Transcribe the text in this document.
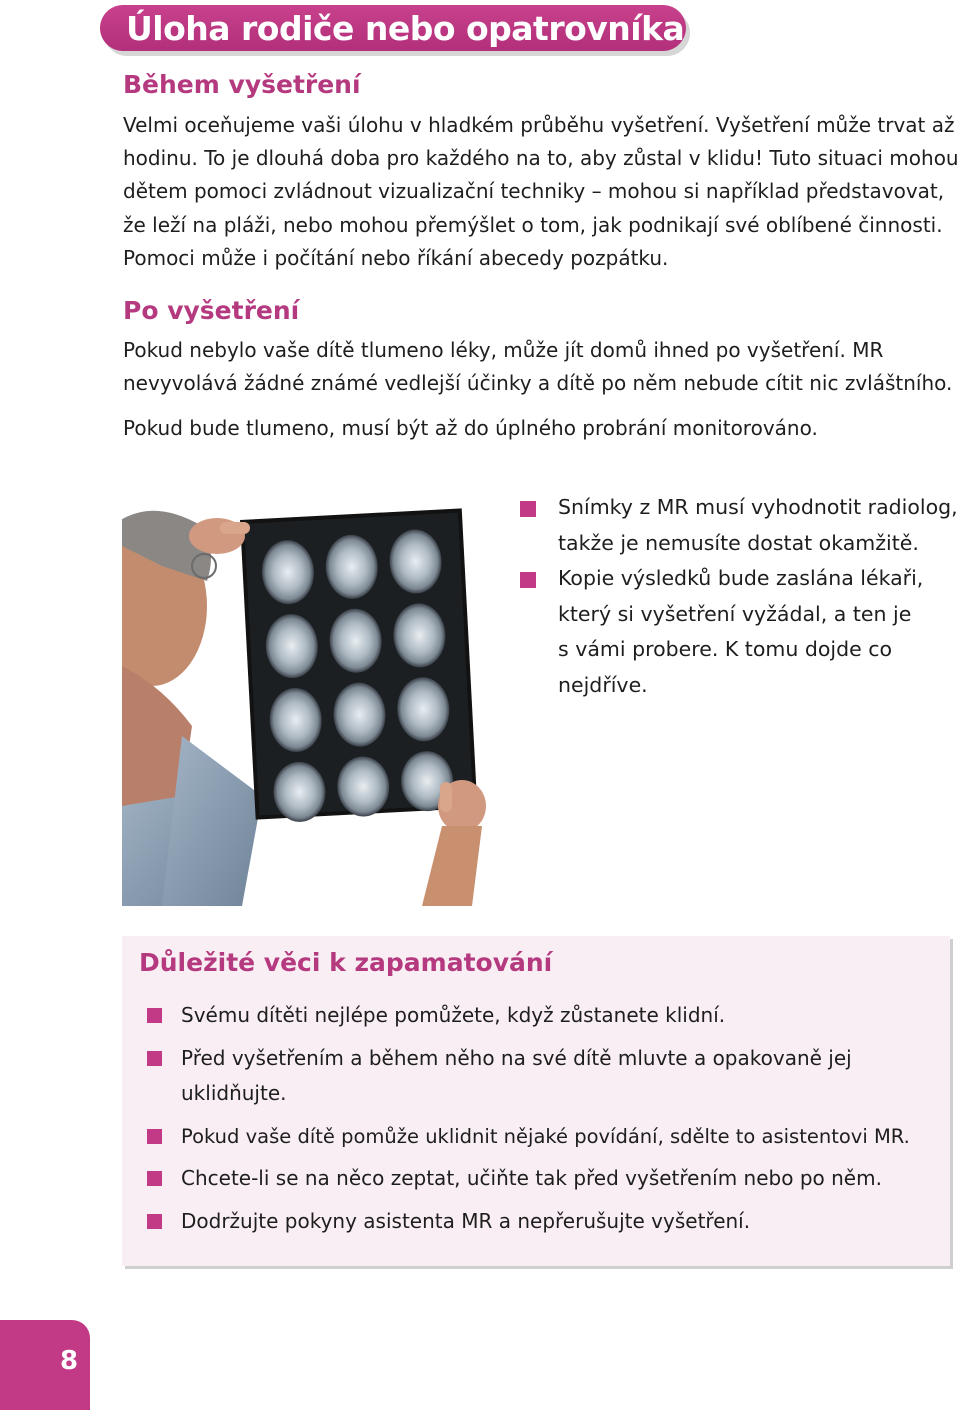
Úloha rodiče nebo opatrovníka
Během vyšetření

Velmi oceňujeme vaši úlohu v hladkém průběhu vyšetření. Vyšetření může trvat až
hodinu. To je dlouhá doba pro každého na to, aby zůstal v klidu! Tuto situaci mohou
dětem pomoci zvládnout vizualizační techniky – mohou si například představovat,
že leží na pláži, nebo mohou přemýšlet o tom, jak podnikají své oblíbené činnosti.
Pomoci může i počítání nebo říkání abecedy pozpátku.

Po vyšetření

Pokud nebylo vaše dítě tlumeno léky, může jít domů ihned po vyšetření. MR
nevyvolává žádné známé vedlejší účinky a dítě po něm nebude cítit nic zvláštního.

Pokud bude tlumeno, musí být až do úplného probrání monitorováno.

Snímky z MR musí vyhodnotit radiolog,
takže je nemusíte dostat okamžitě.
Kopie výsledků bude zaslána lékaři,
který si vyšetření vyžádal, a ten je
s vámi probere. K tomu dojde co
nejdříve.
Důležité věci k zapamatování
Svému dítěti nejlépe pomůžete, když zůstanete klidní.
Před vyšetřením a během něho na své dítě mluvte a opakovaně jej
uklidňujte.
Pokud vaše dítě pomůže uklidnit nějaké povídání, sdělte to asistentovi MR.
Chcete-li se na něco zeptat, učiňte tak před vyšetřením nebo po něm.
Dodržujte pokyny asistenta MR a nepřerušujte vyšetření.
8
